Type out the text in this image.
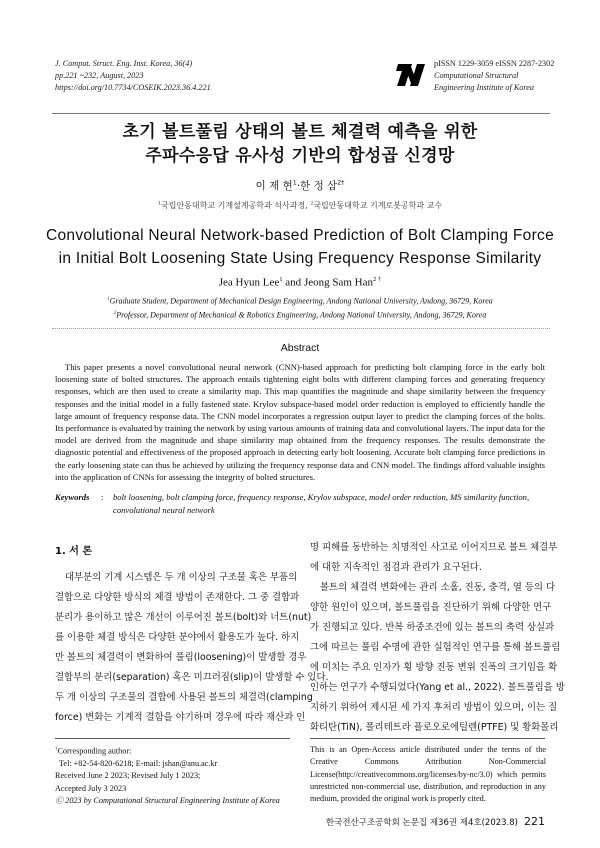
J. Comput. Struct. Eng. Inst. Korea, 36(4)
pp.221 ~232, August, 2023
https://doi.org/10.7734/COSEIK.2023.36.4.221
pISSN 1229-3059 eISSN 2287-2302
Computational Structural
Engineering Institute of Korea
초기 볼트풀림 상태의 볼트 체결력 예측을 위한
주파수응답 유사성 기반의 합성곱 신경망
이 제 현$^1$·한 정 삼$^{2\dagger}$
$^1$국립안동대학교 기계설계공학과 석사과정, $^2$국립안동대학교 기계로봇공학과 교수
Convolutional Neural Network-based Prediction of Bolt Clamping Force
in Initial Bolt Loosening State Using Frequency Response Similarity
Jea Hyun Lee$^1$ and Jeong Sam Han$^{2 \dagger}$
$^1$Graduate Student, Department of Mechanical Design Engineering, Andong National University, Andong, 36729, Korea
$^2$Professor, Department of Mechanical & Robotics Engineering, Andong National University, Andong, 36729, Korea
Abstract
This paper presents a novel convolutional neural network (CNN)-based approach for predicting bolt clamping force in the early bolt loosening state of bolted structures. The approach entails tightening eight bolts with different clamping forces and generating frequency responses, which are then used to create a similarity map. This map quantifies the magnitude and shape similarity between the frequency responses and the initial model in a fully fastened state. Krylov subspace-based model order reduction is employed to efficiently handle the large amount of frequency response data. The CNN model incorporates a regression output layer to predict the clamping forces of the bolts. Its performance is evaluated by training the network by using various amounts of training data and convolutional layers. The input data for the model are derived from the magnitude and shape similarity map obtained from the frequency responses. The results demonstrate the diagnostic potential and effectiveness of the proposed approach in detecting early bolt loosening. Accurate bolt clamping force predictions in the early loosening state can thus be achieved by utilizing the frequency response data and CNN model. The findings afford valuable insights into the application of CNNs for assessing the integrity of bolted structures.
Keywords : bolt loosening, bolt clamping force, frequency response, Krylov subspace, model order reduction, MS similarity function, convolutional neural network
1. 서 론
대부분의 기계 시스템은 두 개 이상의 구조물 혹은 부품의
결합으로 다양한 방식의 체결 방법이 존재한다. 그 중 결합과
분리가 용이하고 많은 개선이 이루어진 볼트(bolt)와 너트(nut)
를 이용한 체결 방식은 다양한 분야에서 활용도가 높다. 하지
만 볼트의 체결력이 변화하여 풀림(loosening)이 발생할 경우
결합부의 분리(separation) 혹은 미끄러짐(slip)이 발생할 수 있다.
두 개 이상의 구조물의 결합에 사용된 볼트의 체결력(clamping
force) 변화는 기계적 결함을 야기하며 경우에 따라 재산과 인
명 피해를 동반하는 치명적인 사고로 이어지므로 볼트 체결부
에 대한 지속적인 점검과 관리가 요구된다.
볼트의 체결력 변화에는 관리 소홀, 진동, 충격, 열 등의 다
양한 원인이 있으며, 볼트풀림을 진단하기 위해 다양한 연구
가 진행되고 있다. 반복 하중조건에 있는 볼트의 축력 상실과
그에 따르는 풀림 수명에 관한 실험적인 연구를 통해 볼트풀림
에 미치는 주요 인자가 횡 방향 진동 변위 진폭의 크기임을 확
인하는 연구가 수행되었다(Yang et al., 2022). 볼트풀림을 방
지하기 위하여 제시된 세 가지 후처리 방법이 있으며, 이는 질
화티탄(TiN), 폴리테트라 플로오로에틸렌(PTFE) 및 황화몰리
†Corresponding author:
Tel: +82-54-820-6218; E-mail: jshan@anu.ac.kr
Received June 2 2023; Revised July 1 2023;
Accepted July 3 2023
Ⓒ 2023 by Computational Structural Engineering Institute of Korea
This is an Open-Access article distributed under the terms of the Creative Commons Attribution Non-Commercial License(http://creativecommons.org/licenses/by-nc/3.0) which permits unrestricted non-commercial use, distribution, and reproduction in any medium, provided the original work is properly cited.
한국전산구조공학회 논문집 제36권 제4호(2023.8) 221
